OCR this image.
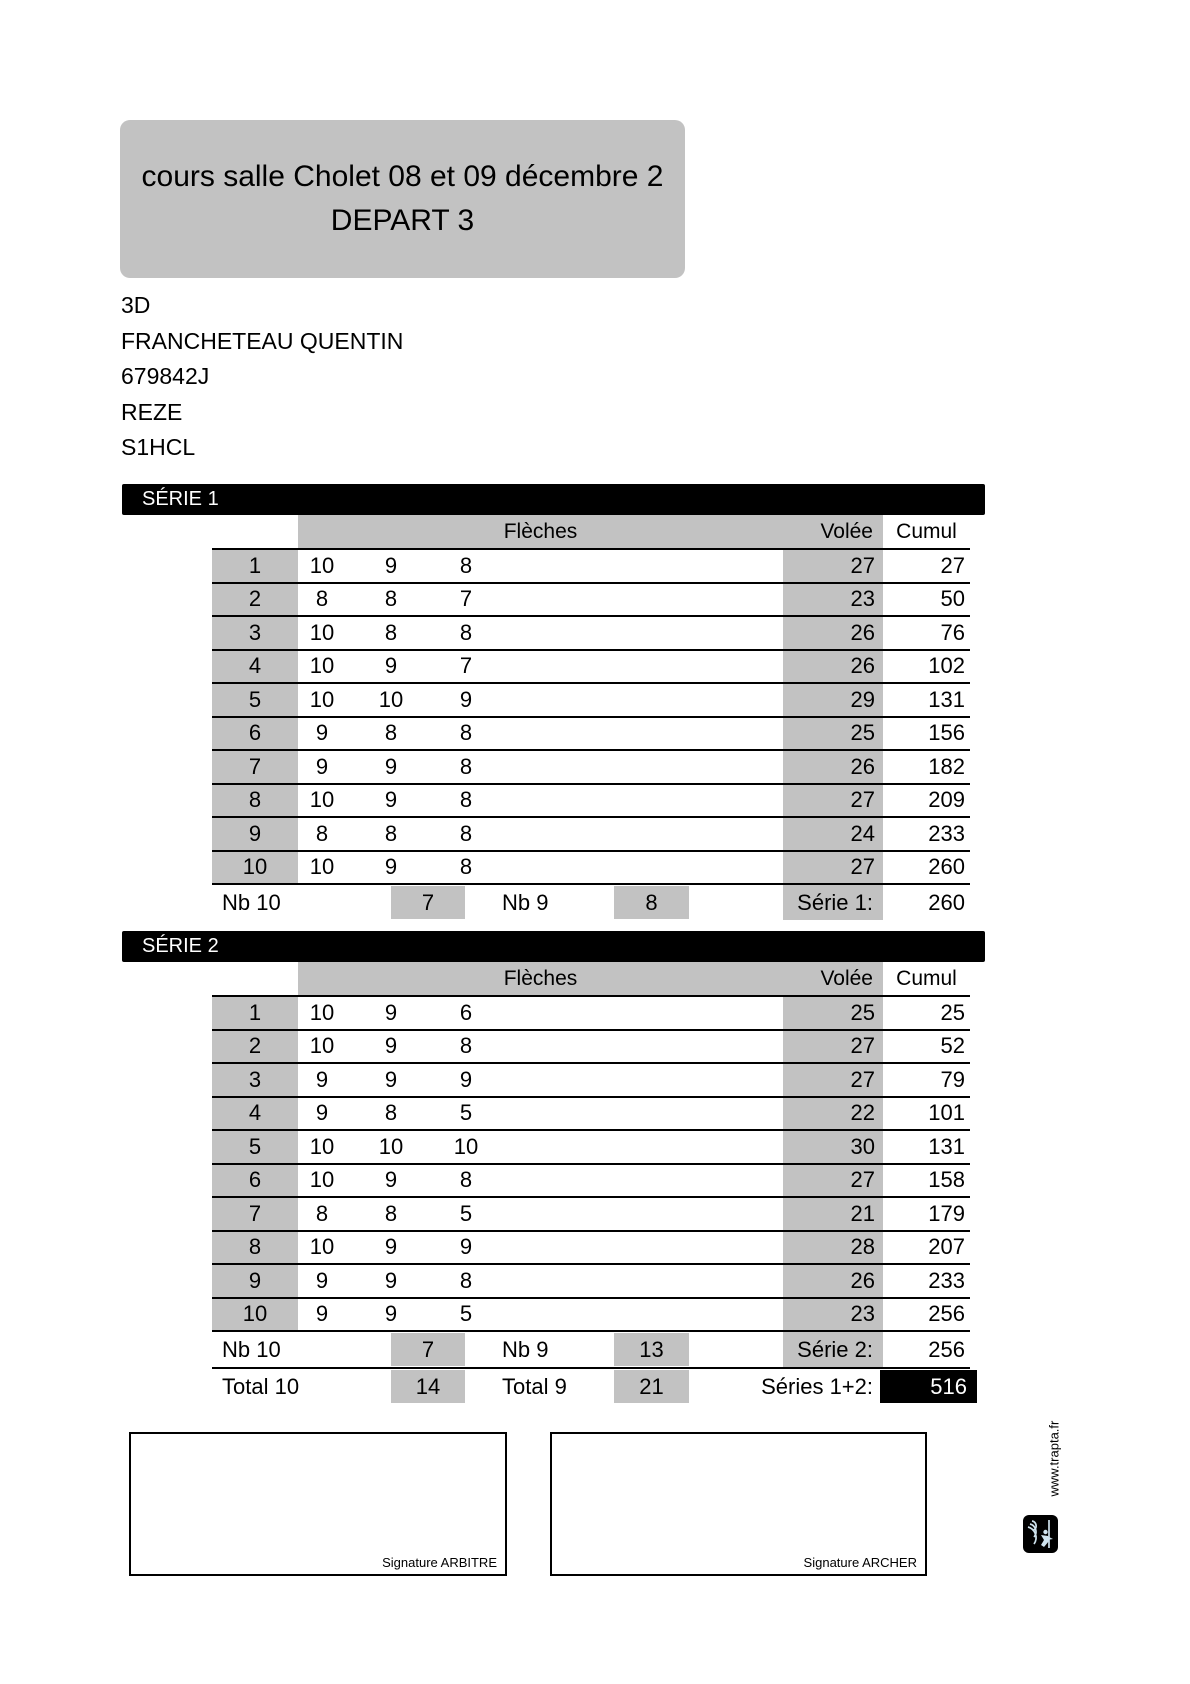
cours salle Cholet 08 et 09 décembre 2
DEPART 3
3D
FRANCHETEAU QUENTIN
679842J
REZE
S1HCL
SÉRIE 1
Flèches	Volée	Cumul
1	10	9	8	27	27
2	8	8	7	23	50
3	10	8	8	26	76
4	10	9	7	26	102
5	10	10	9	29	131
6	9	8	8	25	156
7	9	9	8	26	182
8	10	9	8	27	209
9	8	8	8	24	233
10	10	9	8	27	260
Nb 10	7	Nb 9	8	Série 1:	260
SÉRIE 2
Flèches	Volée	Cumul
1	10	9	6	25	25
2	10	9	8	27	52
3	9	9	9	27	79
4	9	8	5	22	101
5	10	10	10	30	131
6	10	9	8	27	158
7	8	8	5	21	179
8	10	9	9	28	207
9	9	9	8	26	233
10	9	9	5	23	256
Nb 10	7	Nb 9	13	Série 2:	256
Total 10	14	Total 9	21	Séries 1+2:	516
Signature ARBITRE	Signature ARCHER
www.trapta.fr
